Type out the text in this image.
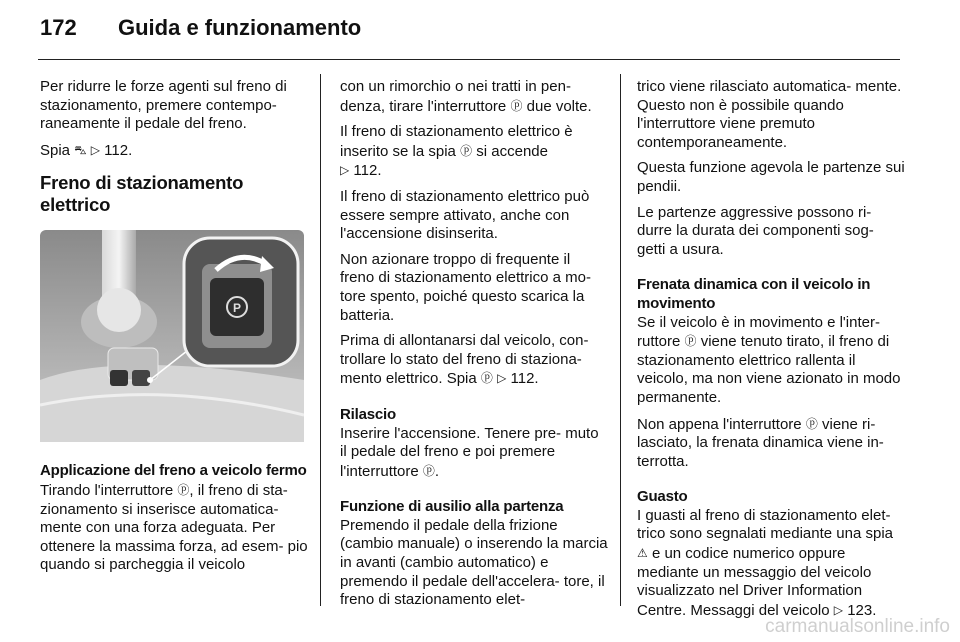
172 Guida e funzionamento

Per ridurre le forze agenti sul freno di stazionamento, premere contempo- raneamente il pedale del freno.

Spia ⛍ ▷ 112.

Freno di stazionamento elettrico
P
Applicazione del freno a veicolo fermo

Tirando l'interruttore ⓟ, il freno di sta- zionamento si inserisce automatica- mente con una forza adeguata. Per ottenere la massima forza, ad esem- pio quando si parcheggia il veicolo

con un rimorchio o nei tratti in pen- denza, tirare l'interruttore ⓟ due volte.

Il freno di stazionamento elettrico è inserito se la spia ⓟ si accende
▷ 112.

Il freno di stazionamento elettrico può essere sempre attivato, anche con l'accensione disinserita.

Non azionare troppo di frequente il freno di stazionamento elettrico a mo- tore spento, poiché questo scarica la batteria.

Prima di allontanarsi dal veicolo, con- trollare lo stato del freno di staziona- mento elettrico. Spia ⓟ ▷ 112.

Rilascio

Inserire l'accensione. Tenere pre- muto il pedale del freno e poi premere l'interruttore ⓟ.

Funzione di ausilio alla partenza

Premendo il pedale della frizione (cambio manuale) o inserendo la marcia in avanti (cambio automatico) e premendo il pedale dell'accelera- tore, il freno di stazionamento elet-

trico viene rilasciato automatica- mente. Questo non è possibile quando l'interruttore viene premuto contemporaneamente.

Questa funzione agevola le partenze sui pendii.

Le partenze aggressive possono ri- durre la durata dei componenti sog- getti a usura.

Frenata dinamica con il veicolo in movimento

Se il veicolo è in movimento e l'inter- ruttore ⓟ viene tenuto tirato, il freno di stazionamento elettrico rallenta il veicolo, ma non viene azionato in modo permanente.

Non appena l'interruttore ⓟ viene ri- lasciato, la frenata dinamica viene in- terrotta.

Guasto

I guasti al freno di stazionamento elet- trico sono segnalati mediante una spia ⚠ e un codice numerico oppure mediante un messaggio del veicolo visualizzato nel Driver Information Centre. Messaggi del veicolo ▷ 123.

carmanualsonline.info
